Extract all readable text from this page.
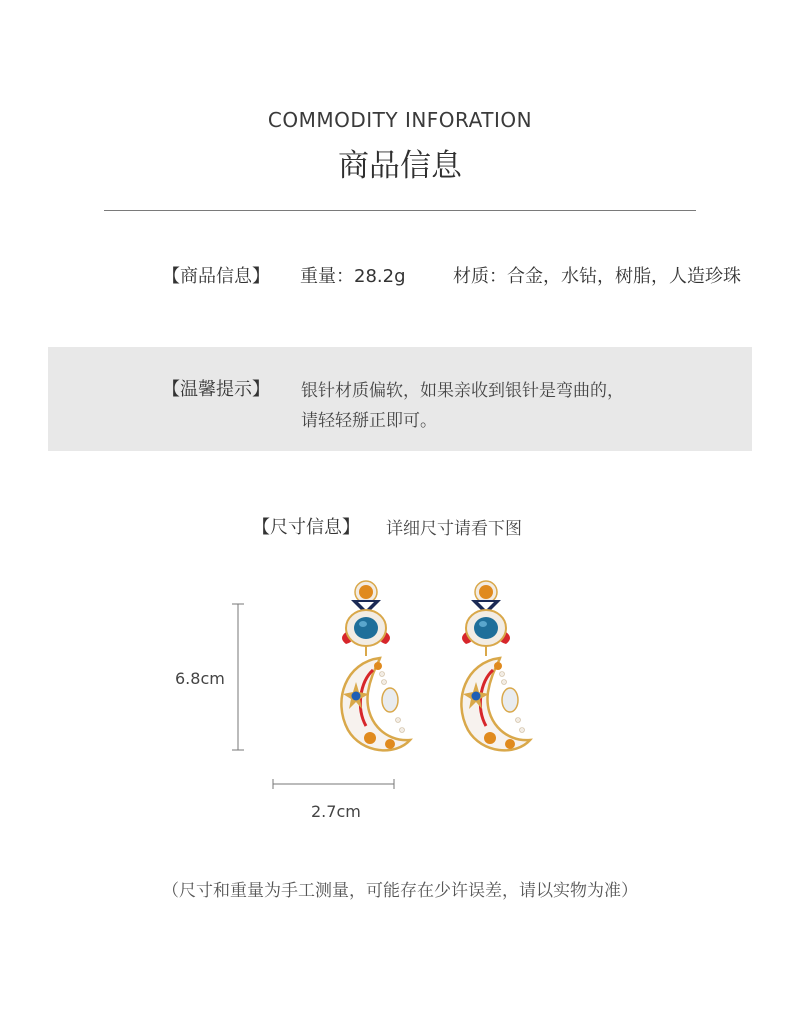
COMMODITY INFORATION
商品信息
【商品信息】 重量：28.2g	材质：合金，水钻，树脂，人造珍珠
【温馨提示】 银针材质偏软，如果亲收到银针是弯曲的，
请轻轻掰正即可。
【尺寸信息】 详细尺寸请看下图
6.8cm
2.7cm
（尺寸和重量为手工测量，可能存在少许误差，请以实物为准）
